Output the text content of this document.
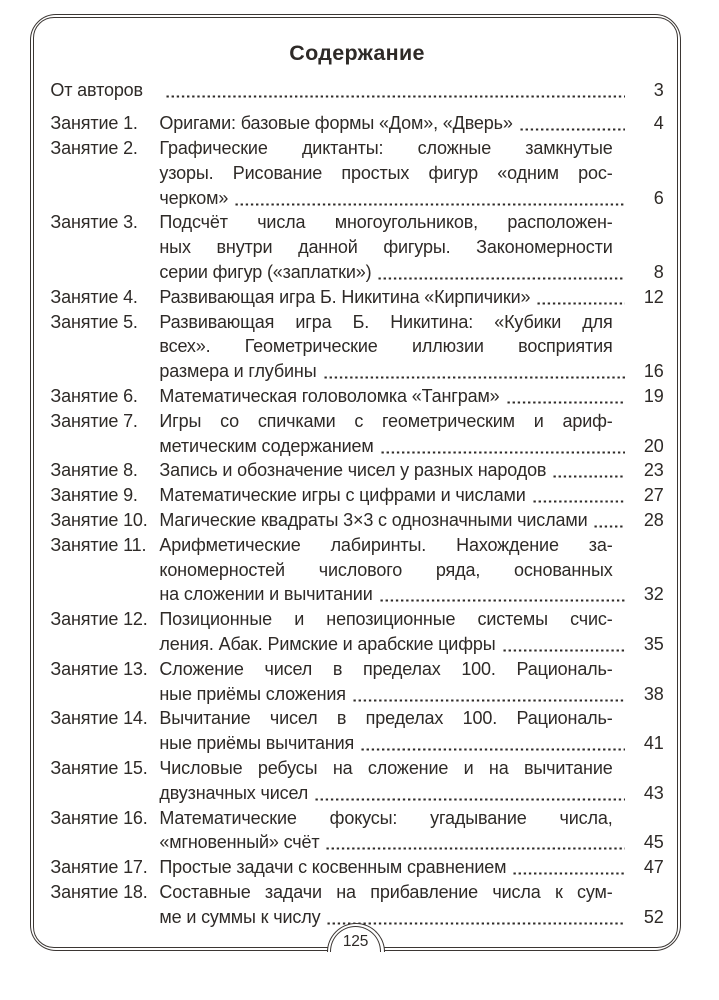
Содержание
От авторов	3
Занятие 1.	Оригами: базовые формы «Дом», «Дверь»	4
Занятие 2.	Графические диктанты: сложные замкнутые
узоры. Рисование простых фигур «одним рос-
черком»	6
Занятие 3.	Подсчёт числа многоугольников, расположен-
ных внутри данной фигуры. Закономерности
серии фигур («заплатки»)	8
Занятие 4.	Развивающая игра Б. Никитина «Кирпичики»	12
Занятие 5.	Развивающая игра Б. Никитина: «Кубики для
всех». Геометрические иллюзии восприятия
размера и глубины	16
Занятие 6.	Математическая головоломка «Танграм»	19
Занятие 7.	Игры со спичками с геометрическим и ариф-
метическим содержанием	20
Занятие 8.	Запись и обозначение чисел у разных народов	23
Занятие 9.	Математические игры с цифрами и числами	27
Занятие 10. Магические квадраты 3×3 с однозначными числами	28
Занятие 11. Арифметические лабиринты. Нахождение за-
кономерностей числового ряда, основанных
на сложении и вычитании	32
Занятие 12. Позиционные и непозиционные системы счис-
ления. Абак. Римские и арабские цифры	35
Занятие 13. Сложение чисел в пределах 100. Рациональ-
ные приёмы сложения	38
Занятие 14. Вычитание чисел в пределах 100. Рациональ-
ные приёмы вычитания	41
Занятие 15. Числовые ребусы на сложение и на вычитание
двузначных чисел	43
Занятие 16. Математические фокусы: угадывание числа,
«мгновенный» счёт	45
Занятие 17. Простые задачи с косвенным сравнением	47
Занятие 18. Составные задачи на прибавление числа к сум-
ме и суммы к числу	52
125
